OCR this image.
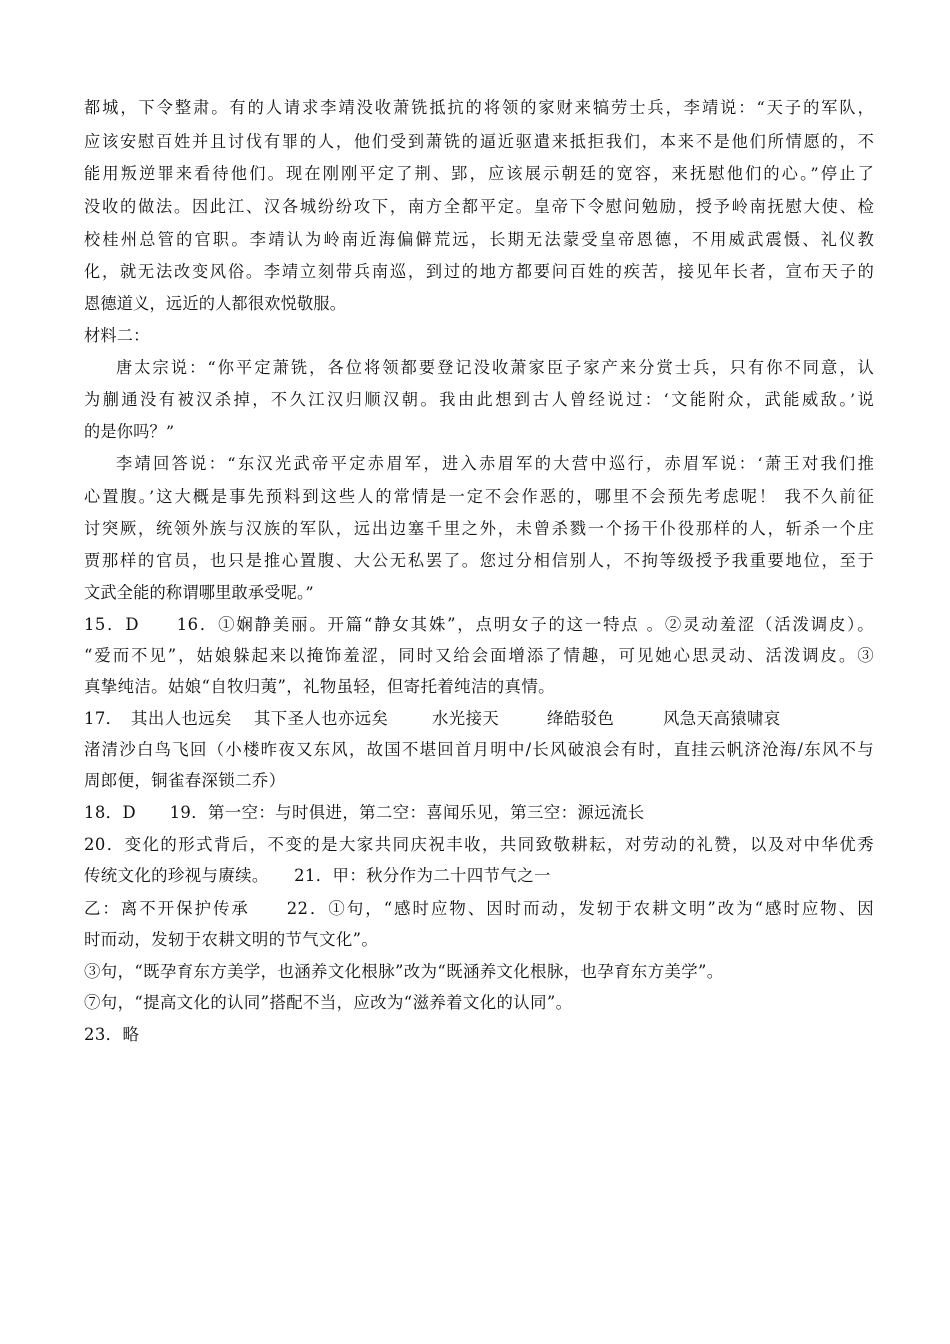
都城，下令整肃。有的人请求李靖没收萧铣抵抗的将领的家财来犒劳士兵，李靖说：“天子的军队，
应该安慰百姓并且讨伐有罪的人，他们受到萧铣的逼近驱遣来抵拒我们，本来不是他们所情愿的，不
能用叛逆罪来看待他们。现在刚刚平定了荆、郢，应该展示朝廷的宽容，来抚慰他们的心。”停止了
没收的做法。因此江、汉各城纷纷攻下，南方全都平定。皇帝下令慰问勉励，授予岭南抚慰大使、检
校桂州总管的官职。李靖认为岭南近海偏僻荒远，长期无法蒙受皇帝恩德，不用威武震慑、礼仪教
化，就无法改变风俗。李靖立刻带兵南巡，到过的地方都要问百姓的疾苦，接见年长者，宣布天子的
恩德道义，远近的人都很欢悦敬服。
材料二：
唐太宗说：“你平定萧铣，各位将领都要登记没收萧家臣子家产来分赏士兵，只有你不同意，认
为蒯通没有被汉杀掉，不久江汉归顺汉朝。我由此想到古人曾经说过：‘文能附众，武能威敌。’说
的是你吗？”
李靖回答说：“东汉光武帝平定赤眉军，进入赤眉军的大营中巡行，赤眉军说：‘萧王对我们推
心置腹。’这大概是事先预料到这些人的常情是一定不会作恶的，哪里不会预先考虑呢！ 我不久前征
讨突厥，统领外族与汉族的军队，远出边塞千里之外，未曾杀戮一个扬干仆役那样的人，斩杀一个庄
贾那样的官员，也只是推心置腹、大公无私罢了。您过分相信别人，不拘等级授予我重要地位，至于
文武全能的称谓哪里敢承受呢。”
15．D　　16．①娴静美丽。开篇“静女其姝”，点明女子的这一特点 。②灵动羞涩（活泼调皮）。
“爱而不见”，姑娘躲起来以掩饰羞涩，同时又给会面增添了情趣，可见她心思灵动、活泼调皮。③
真挚纯洁。姑娘“自牧归荑”，礼物虽轻，但寄托着纯洁的真情。
17．　其出人也远矣 其下圣人也亦远矣	水光接天	绛皓驳色	风急天高猿啸哀
渚清沙白鸟飞回（小楼昨夜又东风，故国不堪回首月明中/长风破浪会有时，直挂云帆济沧海/东风不与
周郎便，铜雀春深锁二乔）
18．D　　19．第一空：与时俱进，第二空：喜闻乐见，第三空：源远流长
20．变化的形式背后，不变的是大家共同庆祝丰收，共同致敬耕耘，对劳动的礼赞，以及对中华优秀
传统文化的珍视与赓续。　　21．甲：秋分作为二十四节气之一
乙：离不开保护传承　　22．①句，“感时应物、因时而动，发轫于农耕文明”改为“感时应物、因
时而动，发轫于农耕文明的节气文化”。
③句，“既孕育东方美学，也涵养文化根脉”改为“既涵养文化根脉，也孕育东方美学”。
⑦句，“提高文化的认同”搭配不当，应改为“滋养着文化的认同”。
23．略
